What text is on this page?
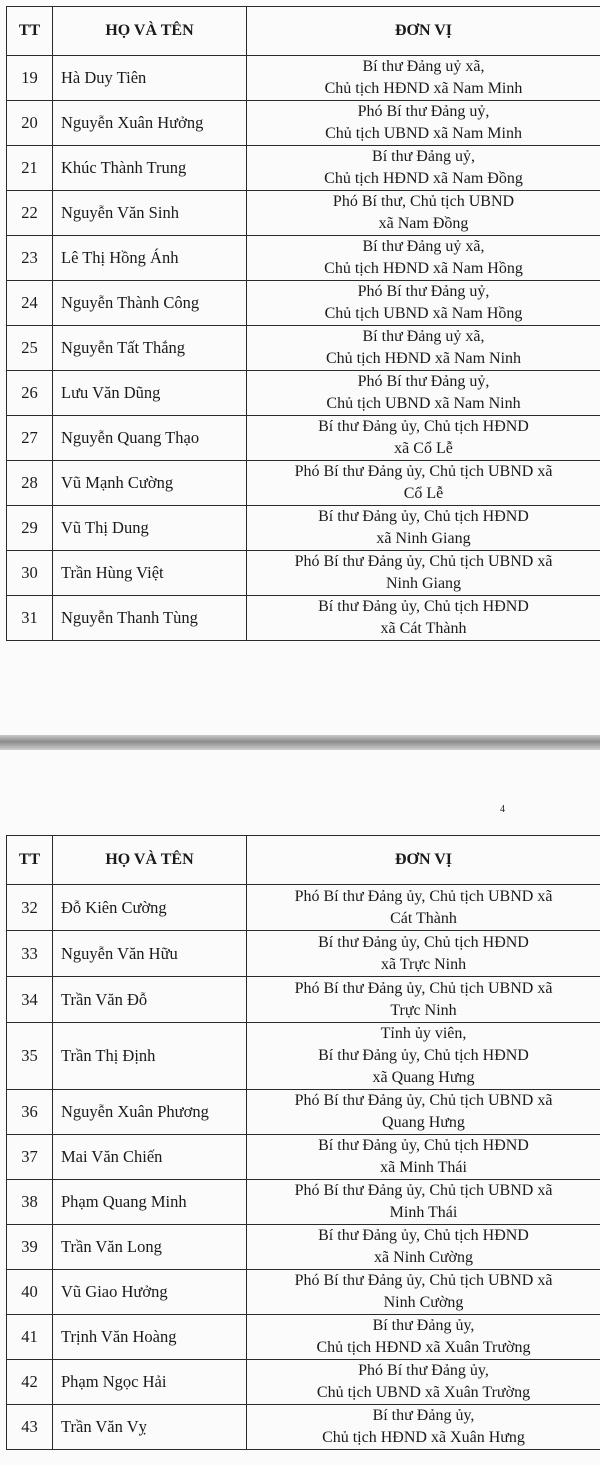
TT	HỌ VÀ TÊN	ĐƠN VỊ
19	Hà Duy Tiên	Bí thư Đảng uỷ xã,
Chủ tịch HĐND xã Nam Minh
20	Nguyễn Xuân Hưởng	Phó Bí thư Đảng uỷ,
Chủ tịch UBND xã Nam Minh
21	Khúc Thành Trung	Bí thư Đảng uỷ,
Chủ tịch HĐND xã Nam Đồng
22	Nguyễn Văn Sinh	Phó Bí thư, Chủ tịch UBND
xã Nam Đồng
23	Lê Thị Hồng Ánh	Bí thư Đảng uỷ xã,
Chủ tịch HĐND xã Nam Hồng
24	Nguyễn Thành Công	Phó Bí thư Đảng uỷ,
Chủ tịch UBND xã Nam Hồng
25	Nguyễn Tất Thắng	Bí thư Đảng uỷ xã,
Chủ tịch HĐND xã Nam Ninh
26	Lưu Văn Dũng	Phó Bí thư Đảng uỷ,
Chủ tịch UBND xã Nam Ninh
27	Nguyễn Quang Thạo	Bí thư Đảng ủy, Chủ tịch HĐND
xã Cổ Lễ
28	Vũ Mạnh Cường	Phó Bí thư Đảng ủy, Chủ tịch UBND xã
Cổ Lễ
29	Vũ Thị Dung	Bí thư Đảng ủy, Chủ tịch HĐND
xã Ninh Giang
30	Trần Hùng Việt	Phó Bí thư Đảng ủy, Chủ tịch UBND xã
Ninh Giang
31	Nguyễn Thanh Tùng	Bí thư Đảng ủy, Chủ tịch HĐND
xã Cát Thành
4
TT	HỌ VÀ TÊN	ĐƠN VỊ
32	Đỗ Kiên Cường	Phó Bí thư Đảng ủy, Chủ tịch UBND xã
Cát Thành
33	Nguyễn Văn Hữu	Bí thư Đảng ủy, Chủ tịch HĐND
xã Trực Ninh
34	Trần Văn Đỗ	Phó Bí thư Đảng ủy, Chủ tịch UBND xã
Trực Ninh
35	Trần Thị Định	Tỉnh ủy viên,
Bí thư Đảng ủy, Chủ tịch HĐND
xã Quang Hưng
36	Nguyễn Xuân Phương	Phó Bí thư Đảng ủy, Chủ tịch UBND xã
Quang Hưng
37	Mai Văn Chiến	Bí thư Đảng ủy, Chủ tịch HĐND
xã Minh Thái
38	Phạm Quang Minh	Phó Bí thư Đảng ủy, Chủ tịch UBND xã
Minh Thái
39	Trần Văn Long	Bí thư Đảng ủy, Chủ tịch HĐND
xã Ninh Cường
40	Vũ Giao Hưởng	Phó Bí thư Đảng ủy, Chủ tịch UBND xã
Ninh Cường
41	Trịnh Văn Hoàng	Bí thư Đảng ủy,
Chủ tịch HĐND xã Xuân Trường
42	Phạm Ngọc Hải	Phó Bí thư Đảng ủy,
Chủ tịch UBND xã Xuân Trường
43	Trần Văn Vỵ	Bí thư Đảng ủy,
Chủ tịch HĐND xã Xuân Hưng
